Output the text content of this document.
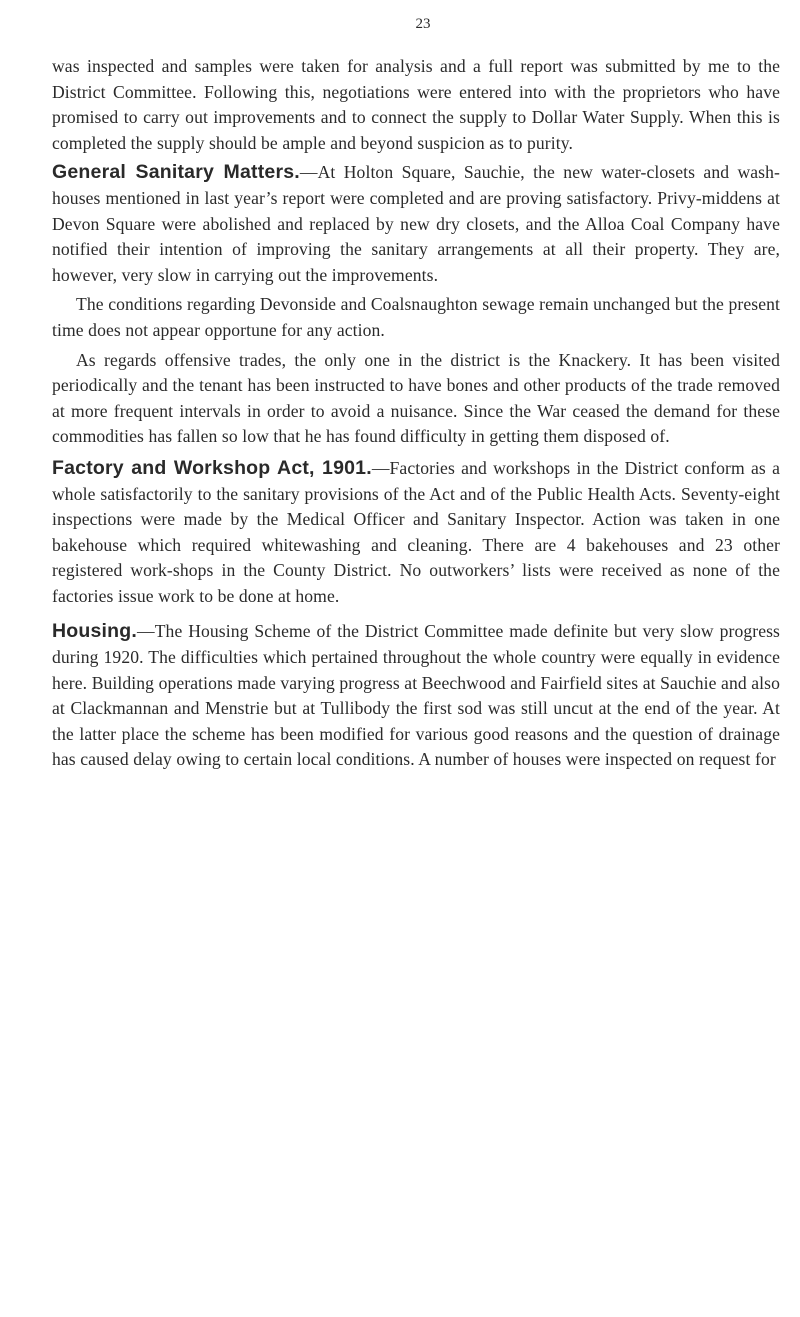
23

was inspected and samples were taken for analysis and a full report was submitted by me to the District Committee. Following this, negotiations were entered into with the proprietors who have promised to carry out improvements and to connect the supply to Dollar Water Supply. When this is completed the supply should be ample and beyond suspicion as to purity.

General Sanitary Matters.—At Holton Square, Sauchie, the new water-closets and wash-houses mentioned in last year’s report were completed and are proving satisfactory. Privy-middens at Devon Square were abolished and replaced by new dry closets, and the Alloa Coal Company have notified their intention of improving the sanitary arrangements at all their property. They are, however, very slow in carrying out the improvements.

The conditions regarding Devonside and Coalsnaughton sewage remain unchanged but the present time does not appear opportune for any action.

As regards offensive trades, the only one in the district is the Knackery. It has been visited periodically and the tenant has been instructed to have bones and other products of the trade removed at more frequent intervals in order to avoid a nuisance. Since the War ceased the demand for these commodities has fallen so low that he has found difficulty in getting them disposed of.

Factory and Workshop Act, 1901.—Factories and workshops in the District conform as a whole satisfactorily to the sanitary provisions of the Act and of the Public Health Acts. Seventy-eight inspections were made by the Medical Officer and Sanitary Inspector. Action was taken in one bakehouse which required whitewashing and cleaning. There are 4 bakehouses and 23 other registered work-shops in the County District. No outworkers’ lists were received as none of the factories issue work to be done at home.

Housing.—The Housing Scheme of the District Committee made definite but very slow progress during 1920. The difficulties which pertained throughout the whole country were equally in evidence here. Building operations made varying progress at Beechwood and Fairfield sites at Sauchie and also at Clackmannan and Menstrie but at Tullibody the first sod was still uncut at the end of the year. At the latter place the scheme has been modified for various good reasons and the question of drainage has caused delay owing to certain local conditions. A number of houses were inspected on request for
